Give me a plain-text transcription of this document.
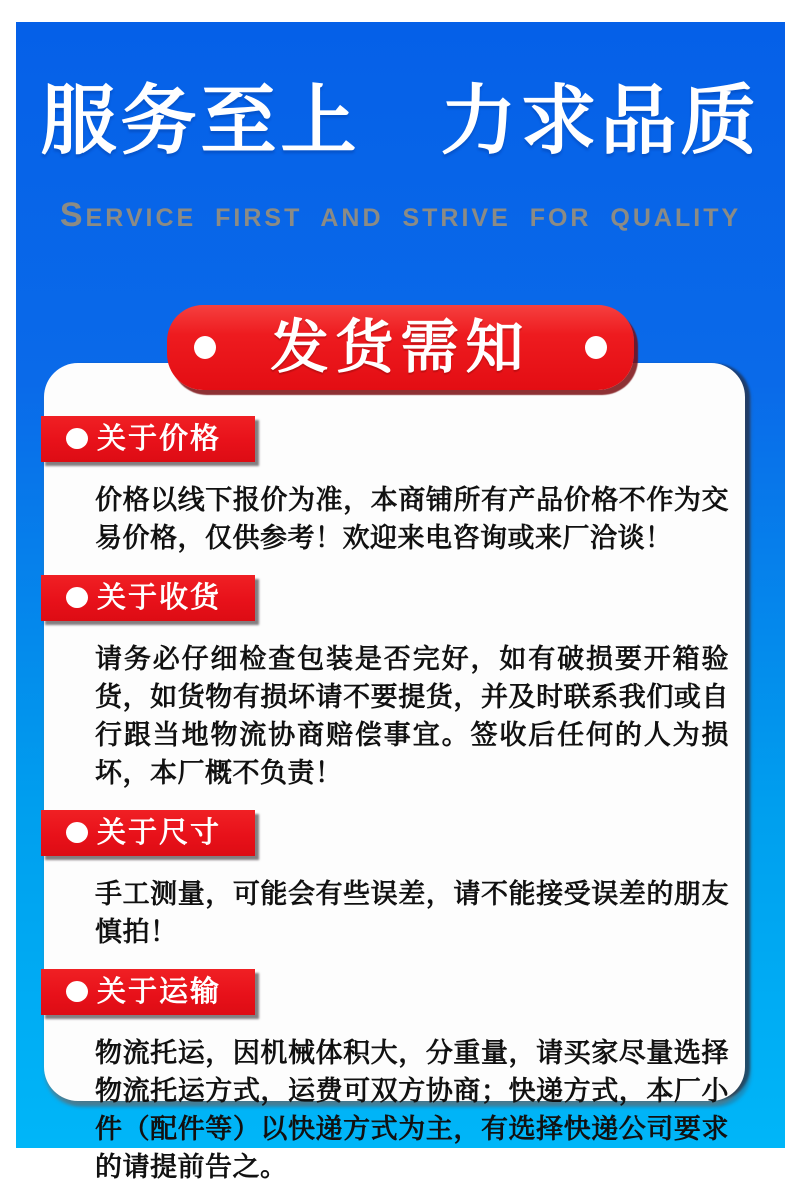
服务至上　力求品质
SERVICE FIRST AND STRIVE FOR QUALITY
发货需知
关于价格
价格以线下报价为准，本商铺所有产品价格不作为交易价格，仅供参考！欢迎来电咨询或来厂洽谈！
关于收货
请务必仔细检查包装是否完好，如有破损要开箱验货，如货物有损坏请不要提货，并及时联系我们或自行跟当地物流协商赔偿事宜。签收后任何的人为损坏，本厂概不负责！
关于尺寸
手工测量，可能会有些误差，请不能接受误差的朋友慎拍！
关于运输
物流托运，因机械体积大，分重量，请买家尽量选择物流托运方式，运费可双方协商；快递方式，本厂小件（配件等）以快递方式为主，有选择快递公司要求的请提前告之。
